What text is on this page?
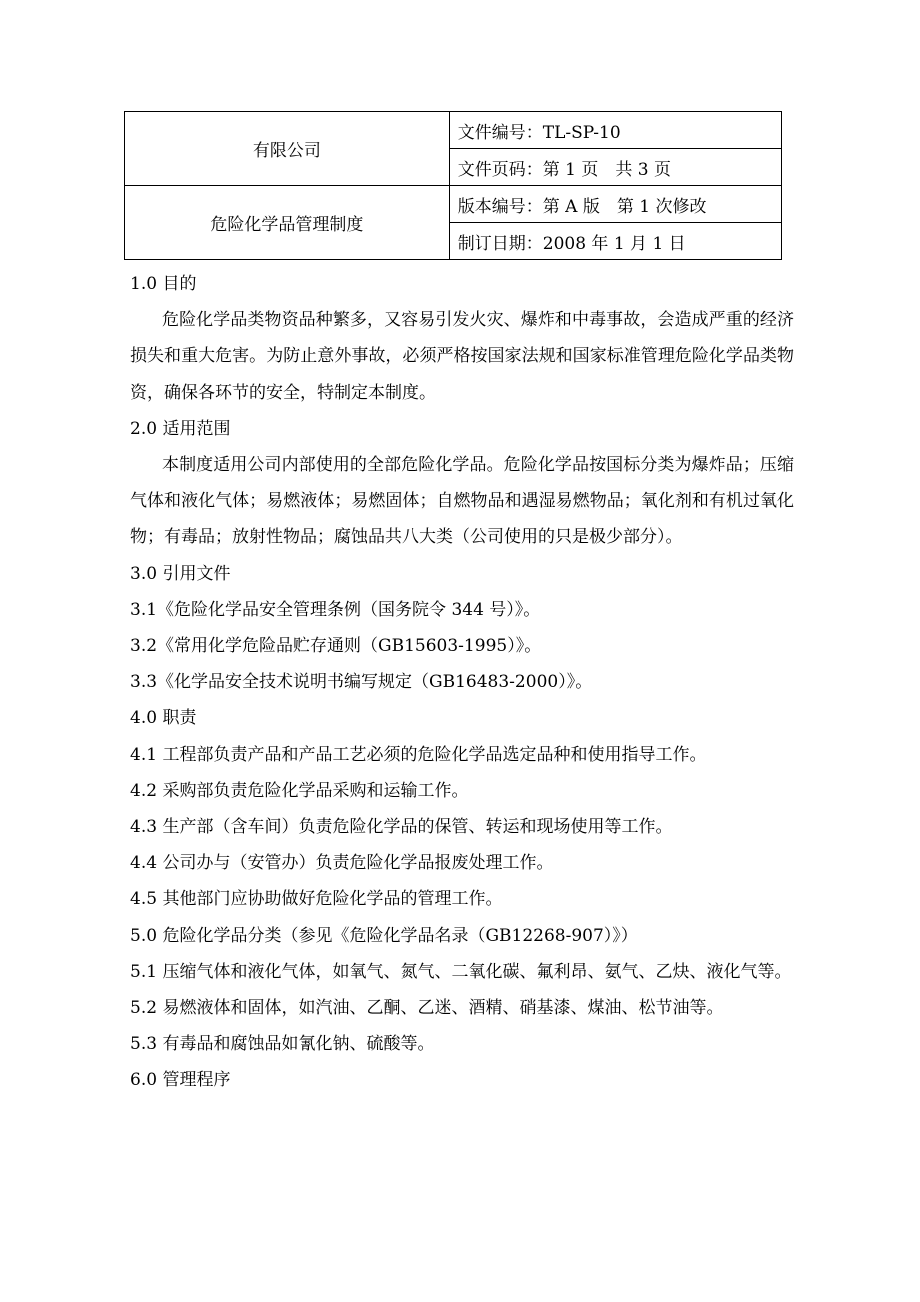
有限公司	文件编号：TL-SP-10
	文件页码：第 1 页　共 3 页
危险化学品管理制度	版本编号：第 A 版　第 1 次修改
	制订日期：2008 年 1 月 1 日

1.0 目的

危险化学品类物资品种繁多，又容易引发火灾、爆炸和中毒事故，会造成严重的经济损失和重大危害。为防止意外事故，必须严格按国家法规和国家标准管理危险化学品类物资，确保各环节的安全，特制定本制度。

2.0 适用范围

本制度适用公司内部使用的全部危险化学品。危险化学品按国标分类为爆炸品；压缩气体和液化气体；易燃液体；易燃固体；自燃物品和遇湿易燃物品；氧化剂和有机过氧化物；有毒品；放射性物品；腐蚀品共八大类（公司使用的只是极少部分）。

3.0 引用文件

3.1《危险化学品安全管理条例（国务院令 344 号）》。

3.2《常用化学危险品贮存通则（GB15603-1995）》。

3.3《化学品安全技术说明书编写规定（GB16483-2000）》。

4.0 职责

4.1 工程部负责产品和产品工艺必须的危险化学品选定品种和使用指导工作。

4.2 采购部负责危险化学品采购和运输工作。

4.3 生产部（含车间）负责危险化学品的保管、转运和现场使用等工作。

4.4 公司办与（安管办）负责危险化学品报废处理工作。

4.5 其他部门应协助做好危险化学品的管理工作。

5.0 危险化学品分类（参见《危险化学品名录（GB12268-907）》）

5.1 压缩气体和液化气体，如氧气、氮气、二氧化碳、氟利昂、氨气、乙炔、液化气等。

5.2 易燃液体和固体，如汽油、乙酮、乙迷、酒精、硝基漆、煤油、松节油等。

5.3 有毒品和腐蚀品如氰化钠、硫酸等。

6.0 管理程序
